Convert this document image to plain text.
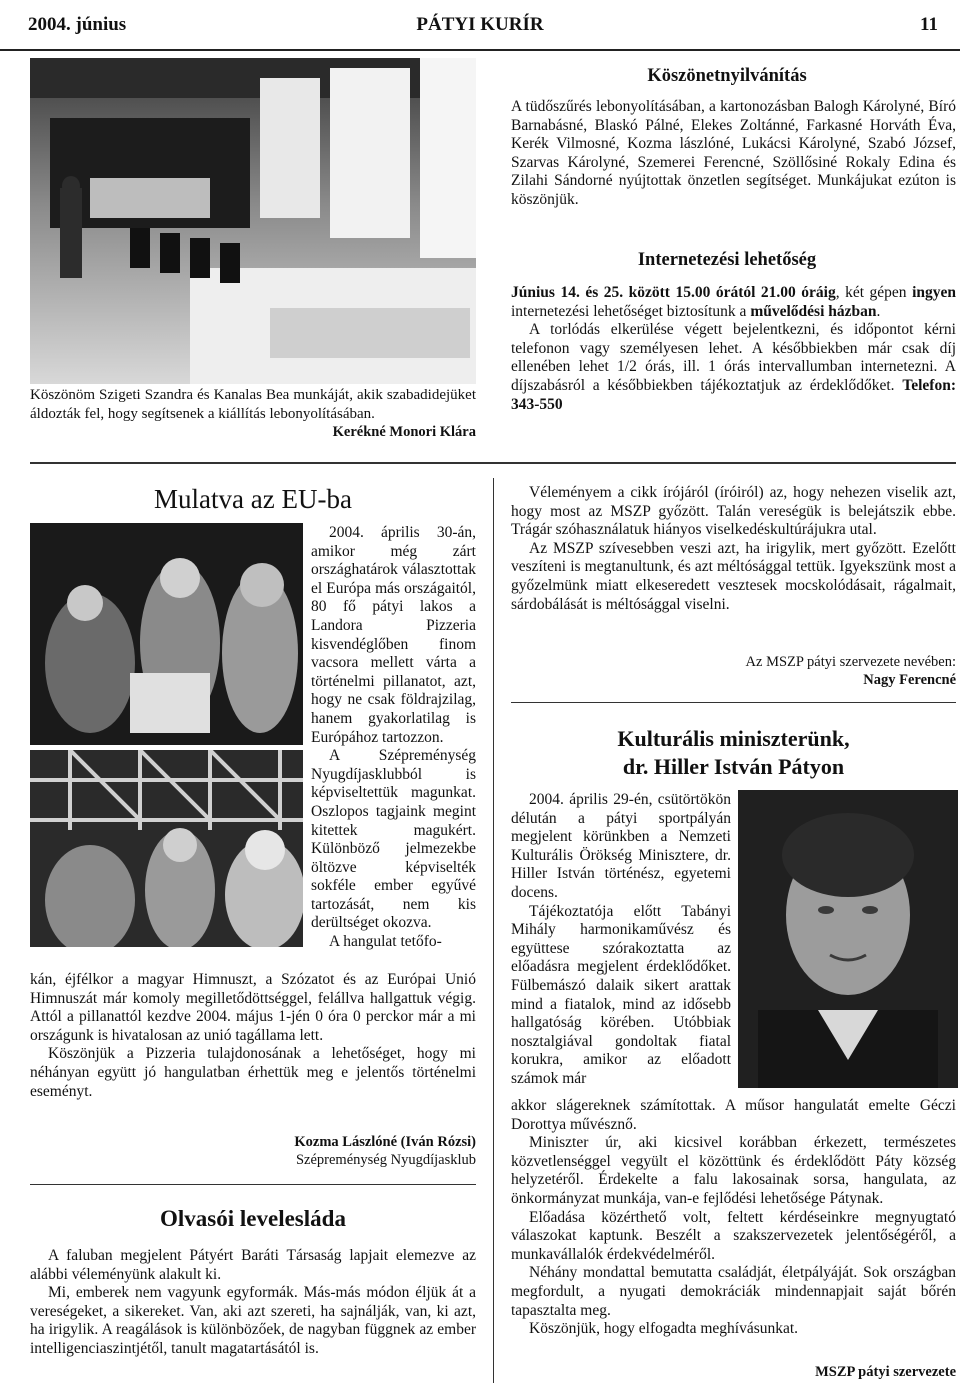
2004. június	PÁTYI KURÍR	11
Köszönöm Szigeti Szandra és Kanalas Bea munkáját, akik szabadidejüket áldozták fel, hogy segítsenek a kiállítás lebonyolításában.
Kerékné Monori Klára
Köszönetnyilvánítás
A tüdőszűrés lebonyolításában, a kartonozásban Balogh Károlyné, Bíró Barnabásné, Blaskó Pálné, Elekes Zoltánné, Farkasné Horváth Éva, Kerék Vilmosné, Kozma lászlóné, Lukácsi Károlyné, Szabó József, Szarvas Károlyné, Szemerei Ferencné, Szöllősiné Rokaly Edina és Zilahi Sándorné nyújtottak önzetlen segítséget. Munkájukat ezúton is köszönjük.
Internetezési lehetőség

Június 14. és 25. között 15.00 órától 21.00 óráig, két gépen ingyen internetezési lehetőséget biztosítunk a művelődési házban.

A torlódás elkerülése végett bejelentkezni, és időpontot kérni telefonon vagy személyesen lehet. A későbbiekben már csak díj ellenében lehet 1/2 órás, ill. 1 órás intervallumban internetezni. A díjszabásról a későbbiekben tájékoztatjuk az érdeklődőket. Telefon: 343-550

Mulatva az EU-ba

2004. április 30-án, amikor még zárt országhatárok választottak el Európa más országaitól, 80 fő pátyi lakos a Landora Pizzeria kisvendéglőben finom vacsora mellett várta a történelmi pillanatot, azt, hogy ne csak földrajzilag, hanem gyakorlatilag is Európához tartozzon.

A Szépreménység Nyugdíjasklubból is képviseltettük magunkat. Oszlopos tagjaink megint kitettek magukért. Különböző jelmezekbe öltözve képviselték sokféle ember egyűvé tartozását, nem kis derültséget okozva.

A hangulat tetőfo-

kán, éjfélkor a magyar Himnuszt, a Szózatot és az Európai Unió Himnuszát már komoly megilletődöttséggel, felállva hallgattuk végig. Attól a pillanattól kezdve 2004. május 1-jén 0 óra 0 perckor már a mi országunk is hivatalosan az unió tagállama lett.

Köszönjük a Pizzeria tulajdonosának a lehetőséget, hogy mi néhányan együtt jó hangulatban érhettük meg e jelentős történelmi eseményt.

Kozma Lászlóné (Iván Rózsi)
Szépreménység Nyugdíjasklub
Olvasói levelesláda

A faluban megjelent Pátyért Baráti Társaság lapjait elemezve az alábbi véleményünk alakult ki.

Mi, emberek nem vagyunk egyformák. Más-más módon éljük át a vereségeket, a sikereket. Van, aki azt szereti, ha sajnálják, van, ki azt, ha irigylik. A reagálások is különbözőek, de nagyban függnek az ember intelligenciaszintjétől, tanult magatartásától is.

Véleményem a cikk írójáról (íróiról) az, hogy nehezen viselik azt, hogy most az MSZP győzött. Talán vereségük is belejátszik ebbe. Trágár szóhasználatuk hiányos viselkedéskultúrájukra utal.

Az MSZP szívesebben veszi azt, ha irigylik, mert győzött. Ezelőtt veszíteni is megtanultunk, és azt méltósággal tettük. Igyekszünk most a győzelmünk miatt elkeseredett vesztesek mocskolódásait, rágalmait, sárdobálását is méltósággal viselni.

Az MSZP pátyi szervezete nevében:
Nagy Ferencné
Kulturális miniszterünk,
dr. Hiller István Pátyon

2004. április 29-én, csütörtökön délután a pátyi sportpályán megjelent körünkben a Nemzeti Kulturális Örökség Minisztere, dr. Hiller István történész, egyetemi docens.

Tájékoztatója előtt Tabányi Mihály harmonikaművész és együttese szórakoztatta az előadásra megjelent érdeklődőket. Fülbemászó dalaik sikert arattak mind a fiatalok, mind az idősebb hallgatóság körében. Utóbbiak nosztalgiával gondoltak fiatal korukra, amikor az előadott számok már

akkor slágereknek számítottak. A műsor hangulatát emelte Géczi Dorottya művésznő.

Miniszter úr, aki kicsivel korábban érkezett, természetes közvetlenséggel vegyült el közöttünk és érdeklődött Páty község helyzetéről. Érdekelte a falu lakosainak sorsa, hangulata, az önkormányzat munkája, van-e fejlődési lehetősége Pátynak.

Előadása közérthető volt, feltett kérdéseinkre megnyugtató válaszokat kaptunk. Beszélt a szakszervezetek jelentőségéről, a munkavállalók érdekvédelméről.

Néhány mondattal bemutatta családját, életpályáját. Sok országban megfordult, a nyugati demokráciák mindennapjait saját bőrén tapasztalta meg.

Köszönjük, hogy elfogadta meghívásunkat.

MSZP pátyi szervezete
